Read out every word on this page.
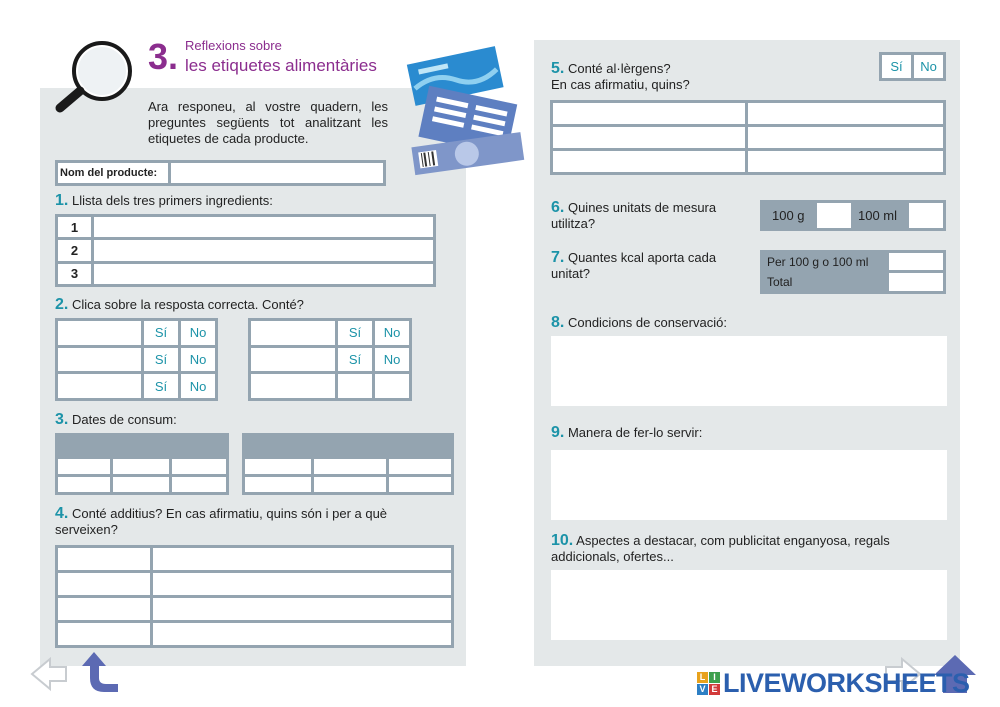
3. Reflexions sobre
les etiquetes alimentàries
Ara responeu, al vostre quadern, les preguntes següents tot analitzant les etiquetes de cada producte.
Nom del producte:
1. Llista dels tres primers ingredients:
1
2
3
2. Clica sobre la resposta correcta. Conté?
Sí	No
Sí	No
Sí	No
Sí	No
Sí	No
3. Dates de consum:
4. Conté additius? En cas afirmatiu, quins són i per a què serveixen?
5. Conté al·lèrgens?
En cas afirmatiu, quins?
Sí	No
6. Quines unitats de mesura utilitza?
100 g	100 ml
7. Quantes kcal aporta cada unitat?
Per 100 g o 100 ml
Total
8. Condicions de conservació:
9. Manera de fer-lo servir:
10. Aspectes a destacar, com publicitat enganyosa, regals addicionals, ofertes...
L I
V E LIVEWORKSHEETS
